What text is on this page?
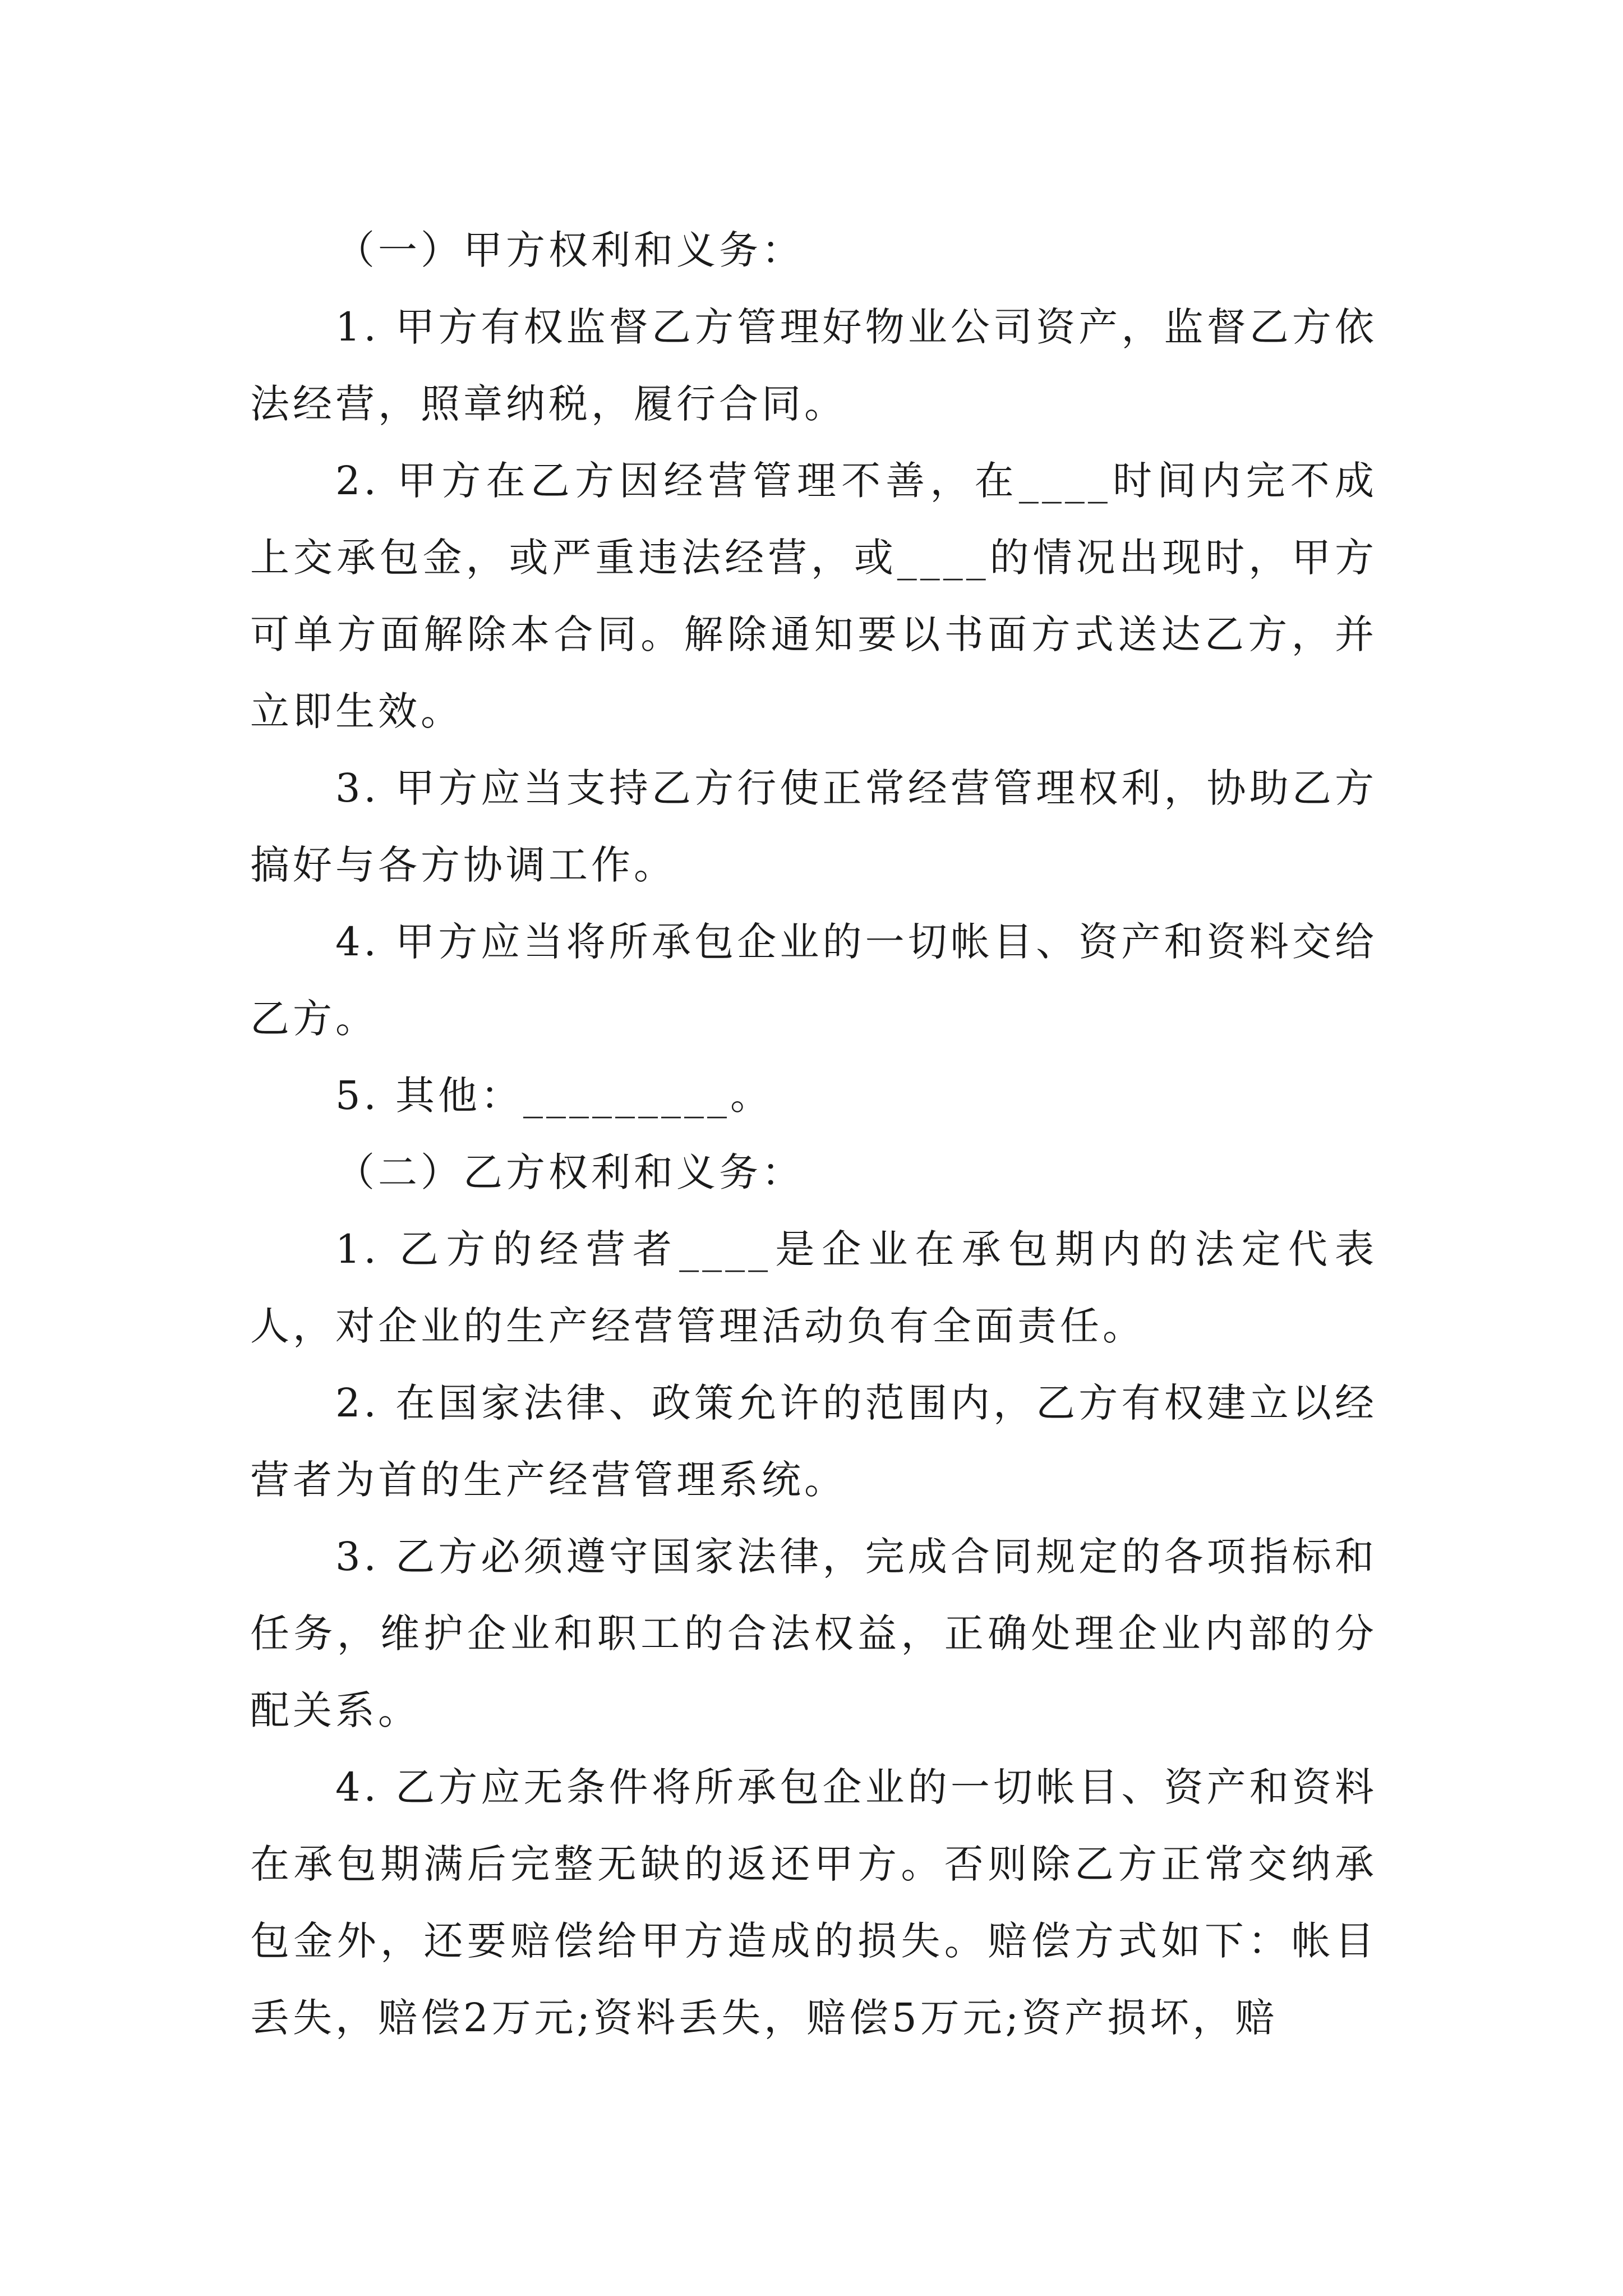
（一）甲方权利和义务：

1. 甲方有权监督乙方管理好物业公司资产，监督乙方依法经营，照章纳税，履行合同。

2. 甲方在乙方因经营管理不善，在____时间内完不成上交承包金，或严重违法经营，或____的情况出现时，甲方可单方面解除本合同。解除通知要以书面方式送达乙方，并立即生效。

3. 甲方应当支持乙方行使正常经营管理权利，协助乙方搞好与各方协调工作。

4. 甲方应当将所承包企业的一切帐目、资产和资料交给乙方。

5. 其他：_________。

（二）乙方权利和义务：

1. 乙方的经营者____是企业在承包期内的法定代表人，对企业的生产经营管理活动负有全面责任。

2. 在国家法律、政策允许的范围内，乙方有权建立以经营者为首的生产经营管理系统。

3. 乙方必须遵守国家法律，完成合同规定的各项指标和任务，维护企业和职工的合法权益，正确处理企业内部的分配关系。

4. 乙方应无条件将所承包企业的一切帐目、资产和资料在承包期满后完整无缺的返还甲方。否则除乙方正常交纳承包金外，还要赔偿给甲方造成的损失。赔偿方式如下：帐目丢失，赔偿2万元;资料丢失，赔偿5万元;资产损坏，赔
